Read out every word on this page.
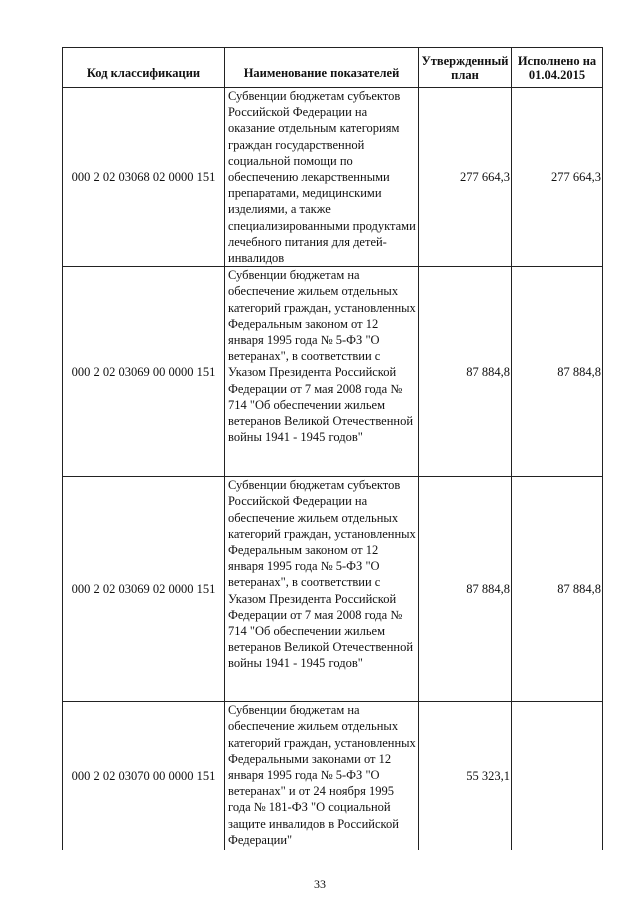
Код классификации	Наименование показателей	Утвержденный план	Исполнено на 01.04.2015
000 2 02 03068 02 0000 151	Субвенции бюджетам субъектов Российской Федерации на оказание отдельным категориям граждан государственной социальной помощи по обеспечению лекарственными препаратами, медицинскими изделиями, а также специализированными продуктами лечебного питания для детей-инвалидов	277 664,3	277 664,3
000 2 02 03069 00 0000 151	Субвенции бюджетам на обеспечение жильем отдельных категорий граждан, установленных Федеральным законом от 12 января 1995 года № 5-ФЗ "О ветеранах", в соответствии с Указом Президента Российской Федерации от 7 мая 2008 года № 714 "Об обеспечении жильем ветеранов Великой Отечественной войны 1941 - 1945 годов"	87 884,8	87 884,8
000 2 02 03069 02 0000 151	Субвенции бюджетам субъектов Российской Федерации на обеспечение жильем отдельных категорий граждан, установленных Федеральным законом от 12 января 1995 года № 5-ФЗ "О ветеранах", в соответствии с Указом Президента Российской Федерации от 7 мая 2008 года № 714 "Об обеспечении жильем ветеранов Великой Отечественной войны 1941 - 1945 годов"	87 884,8	87 884,8
000 2 02 03070 00 0000 151	Субвенции бюджетам на обеспечение жильем отдельных категорий граждан, установленных Федеральными законами от 12 января 1995 года № 5-ФЗ "О ветеранах" и от 24 ноября 1995 года № 181-ФЗ "О социальной защите инвалидов в Российской Федерации"	55 323,1	
33
